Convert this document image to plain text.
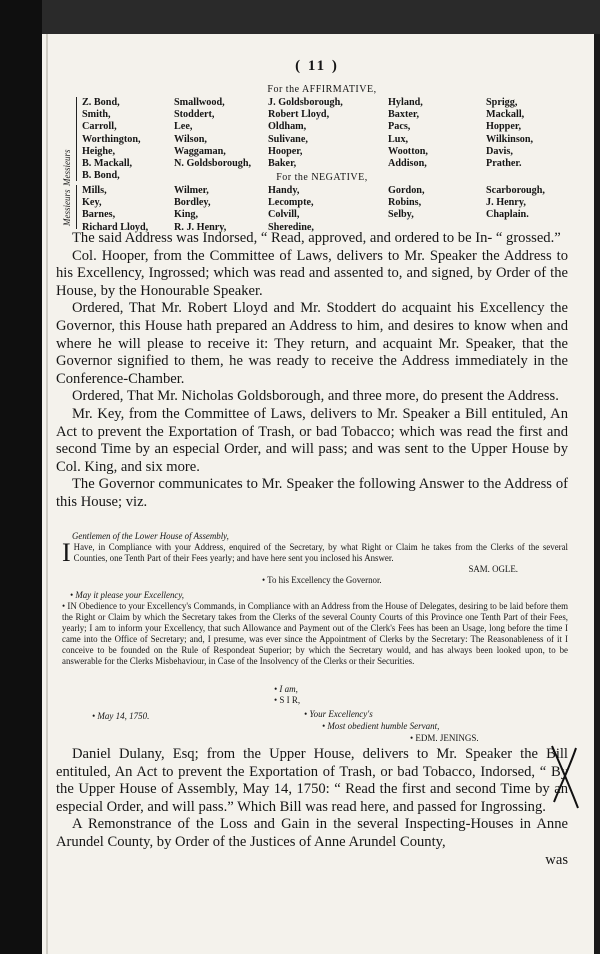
( 11 )
For the AFFIRMATIVE,
Messieurs
Z. Bond,
Smith,
Carroll,
Worthington,
Heighe,
B. Mackall,
B. Bond,
Smallwood,
Stoddert,
Lee,
Wilson,
Waggaman,
N. Goldsborough,
J. Goldsborough,
Robert Lloyd,
Oldham,
Sulivane,
Hooper,
Baker,
Hyland,
Baxter,
Pacs,
Lux,
Wootton,
Addison,
Sprigg,
Mackall,
Hopper,
Wilkinson,
Davis,
Prather.
For the NEGATIVE,
Messieurs Mills,
Key,
Barnes,
Richard Lloyd,
Wilmer,
Bordley,
King,
R. J. Henry,
Handy,
Lecompte,
Colvill,
Sheredine,
Gordon,
Robins,
Selby,
Scarborough,
J. Henry,
Chaplain.

The said Address was Indorsed, “ Read, approved, and ordered to be In- “ grossed.”

Col. Hooper, from the Committee of Laws, delivers to Mr. Speaker the Address to his Excellency, Ingrossed; which was read and assented to, and signed, by Order of the House, by the Honourable Speaker.

Ordered, That Mr. Robert Lloyd and Mr. Stoddert do acquaint his Excellency the Governor, this House hath prepared an Address to him, and desires to know when and where he will please to receive it: They return, and acquaint Mr. Speaker, that the Governor signified to them, he was ready to receive the Address immediately in the Conference-Chamber.

Ordered, That Mr. Nicholas Goldsborough, and three more, do present the Address.

Mr. Key, from the Committee of Laws, delivers to Mr. Speaker a Bill entituled, An Act to prevent the Exportation of Trash, or bad Tobacco; which was read the first and second Time by an especial Order, and will pass; and was sent to the Upper House by Col. King, and six more.

The Governor communicates to Mr. Speaker the following Answer to the Address of this House; viz.

Gentlemen of the Lower House of Assembly,

I Have, in Compliance with your Address, enquired of the Secretary, by what Right or Claim he takes from the Clerks of the several Counties, one Tenth Part of their Fees yearly; and have here sent you inclosed his Answer.

SAM. OGLE.

• To his Excellency the Governor.

• May it please your Excellency,

• IN Obedience to your Excellency's Commands, in Compliance with an Address from the House of Delegates, desiring to be laid before them the Right or Claim by which the Secretary takes from the Clerks of the several County Courts of this Province one Tenth Part of their Fees, yearly; I am to inform your Excellency, that such Allowance and Payment out of the Clerk's Fees has been an Usage, long before the time I came into the Office of Secretary; and, I presume, was ever since the Appointment of Clerks by the Secretary: The Reasonableness of it I conceive to be founded on the Rule of Respondeat Superior; by which the Secretary would, and has always been looked upon, to be answerable for the Clerks Misbehaviour, in Case of the Insolvency of the Clerks or their Securities.

• I am,
• S I R,
• May 14, 1750.	• Your Excellency's
• Most obedient humble Servant,
• EDM. JENINGS.

Daniel Dulany, Esq; from the Upper House, delivers to Mr. Speaker the Bill entituled, An Act to prevent the Exportation of Trash, or bad Tobacco, Indorsed, “ By the Upper House of Assembly, May 14, 1750: “ Read the first and second Time by an especial Order, and will pass.” Which Bill was read here, and passed for Ingrossing.

A Remonstrance of the Loss and Gain in the several Inspecting-Houses in Anne Arundel County, by Order of the Justices of Anne Arundel County,

was
